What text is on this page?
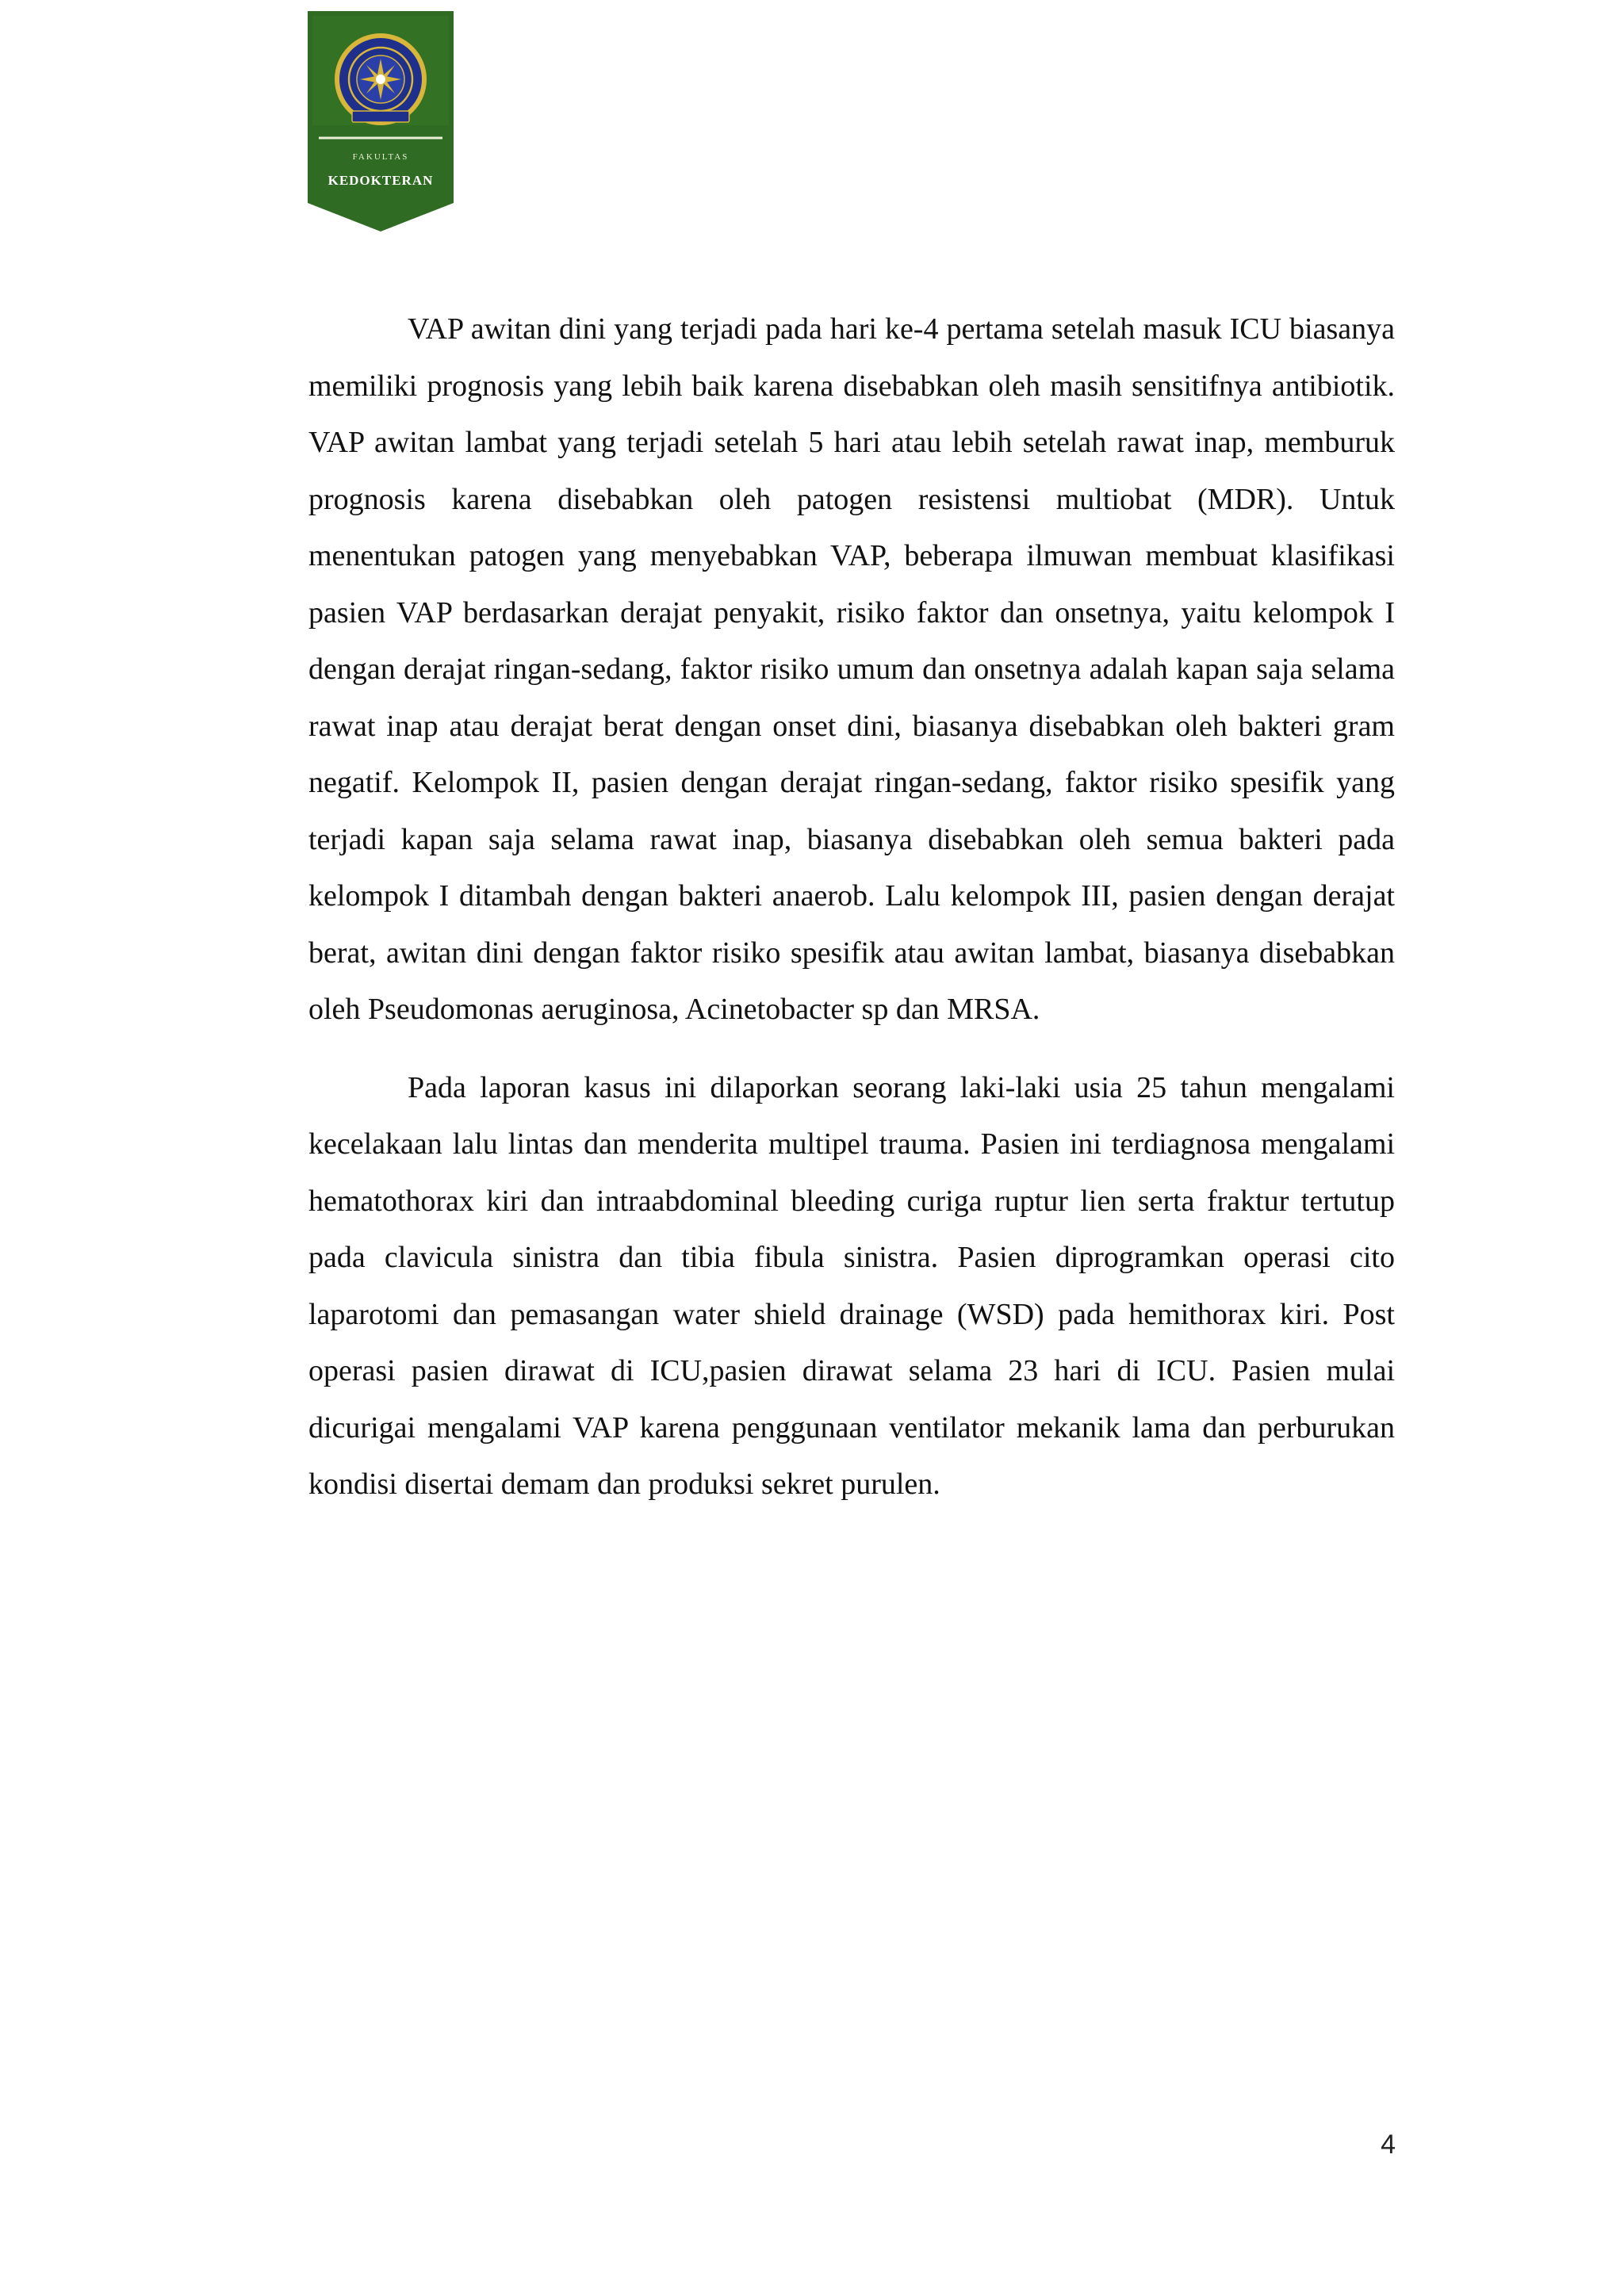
FAKULTAS
KEDOKTERAN

VAP awitan dini yang terjadi pada hari ke-4 pertama setelah masuk ICU biasanya memiliki prognosis yang lebih baik karena disebabkan oleh masih sensitifnya antibiotik. VAP awitan lambat yang terjadi setelah 5 hari atau lebih setelah rawat inap, memburuk prognosis karena disebabkan oleh patogen resistensi multiobat (MDR). Untuk menentukan patogen yang menyebabkan VAP, beberapa ilmuwan membuat klasifikasi pasien VAP berdasarkan derajat penyakit, risiko faktor dan onsetnya, yaitu kelompok I dengan derajat ringan-sedang, faktor risiko umum dan onsetnya adalah kapan saja selama rawat inap atau derajat berat dengan onset dini, biasanya disebabkan oleh bakteri gram negatif. Kelompok II, pasien dengan derajat ringan-sedang, faktor risiko spesifik yang terjadi kapan saja selama rawat inap, biasanya disebabkan oleh semua bakteri pada kelompok I ditambah dengan bakteri anaerob. Lalu kelompok III, pasien dengan derajat berat, awitan dini dengan faktor risiko spesifik atau awitan lambat, biasanya disebabkan oleh Pseudomonas aeruginosa, Acinetobacter sp dan MRSA.

Pada laporan kasus ini dilaporkan seorang laki-laki usia 25 tahun mengalami kecelakaan lalu lintas dan menderita multipel trauma. Pasien ini terdiagnosa mengalami hematothorax kiri dan intraabdominal bleeding curiga ruptur lien serta fraktur tertutup pada clavicula sinistra dan tibia fibula sinistra. Pasien diprogramkan operasi cito laparotomi dan pemasangan water shield drainage (WSD) pada hemithorax kiri. Post operasi pasien dirawat di ICU,pasien dirawat selama 23 hari di ICU. Pasien mulai dicurigai mengalami VAP karena penggunaan ventilator mekanik lama dan perburukan kondisi disertai demam dan produksi sekret purulen.

4
